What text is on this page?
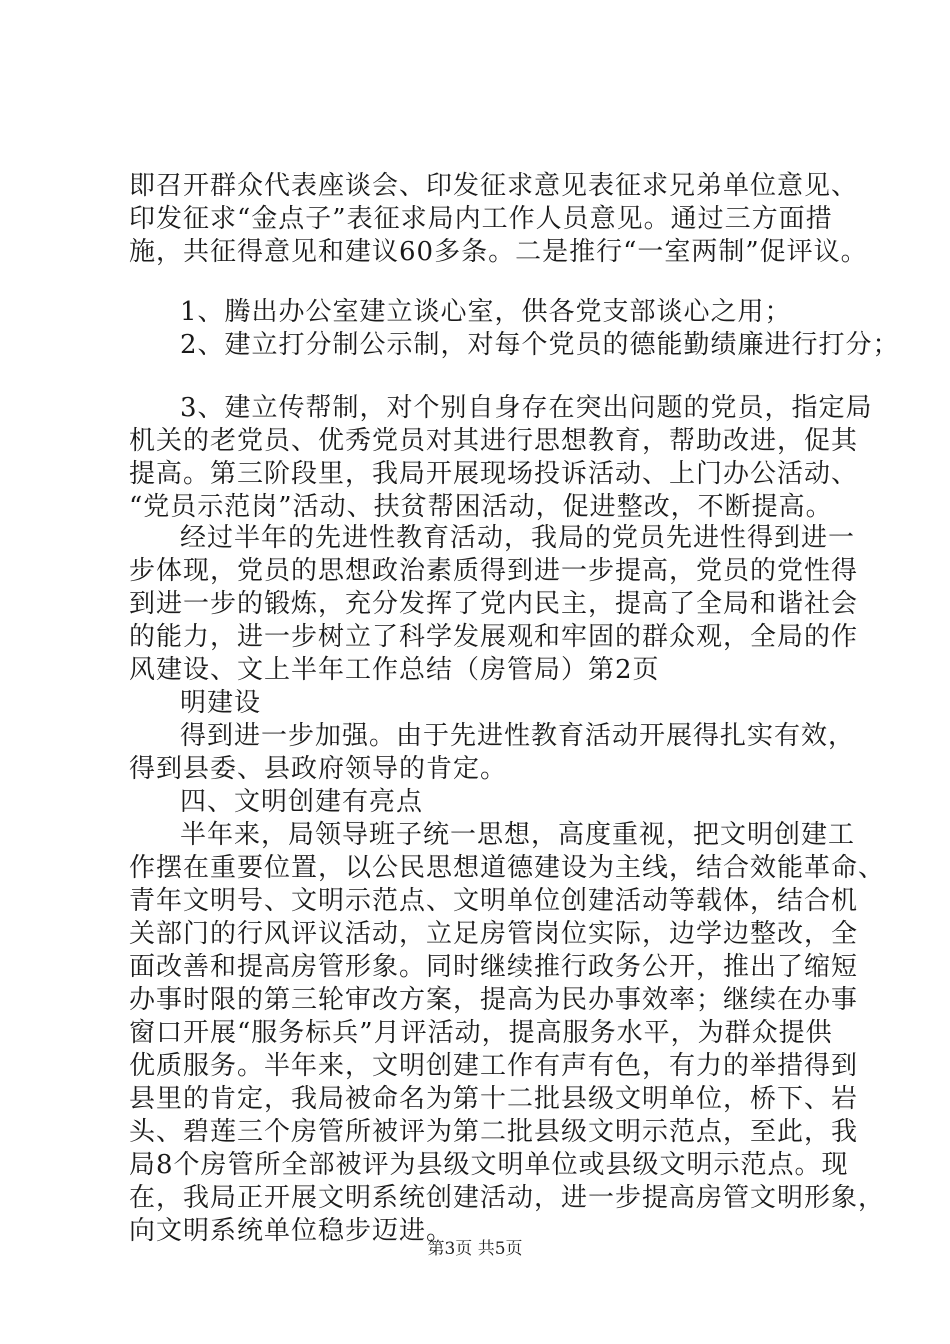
即召开群众代表座谈会、印发征求意见表征求兄弟单位意见、
印发征求“金点子”表征求局内工作人员意见。通过三方面措
施，共征得意见和建议60多条。二是推行“一室两制”促评议。
1、腾出办公室建立谈心室，供各党支部谈心之用；
2、建立打分制公示制，对每个党员的德能勤绩廉进行打分；
3、建立传帮制，对个别自身存在突出问题的党员，指定局
机关的老党员、优秀党员对其进行思想教育，帮助改进，促其
提高。第三阶段里，我局开展现场投诉活动、上门办公活动、
“党员示范岗”活动、扶贫帮困活动，促进整改，不断提高。
经过半年的先进性教育活动，我局的党员先进性得到进一
步体现，党员的思想政治素质得到进一步提高，党员的党性得
到进一步的锻炼，充分发挥了党内民主，提高了全局和谐社会
的能力，进一步树立了科学发展观和牢固的群众观，全局的作
风建设、文上半年工作总结（房管局）第2页
明建设
得到进一步加强。由于先进性教育活动开展得扎实有效，
得到县委、县政府领导的肯定。
四、文明创建有亮点
半年来，局领导班子统一思想，高度重视，把文明创建工
作摆在重要位置，以公民思想道德建设为主线，结合效能革命、
青年文明号、文明示范点、文明单位创建活动等载体，结合机
关部门的行风评议活动，立足房管岗位实际，边学边整改，全
面改善和提高房管形象。同时继续推行政务公开，推出了缩短
办事时限的第三轮审改方案，提高为民办事效率；继续在办事
窗口开展“服务标兵”月评活动，提高服务水平，为群众提供
优质服务。半年来，文明创建工作有声有色，有力的举措得到
县里的肯定，我局被命名为第十二批县级文明单位，桥下、岩
头、碧莲三个房管所被评为第二批县级文明示范点，至此，我
局8个房管所全部被评为县级文明单位或县级文明示范点。现
在，我局正开展文明系统创建活动，进一步提高房管文明形象，
向文明系统单位稳步迈进。
第3页 共5页
